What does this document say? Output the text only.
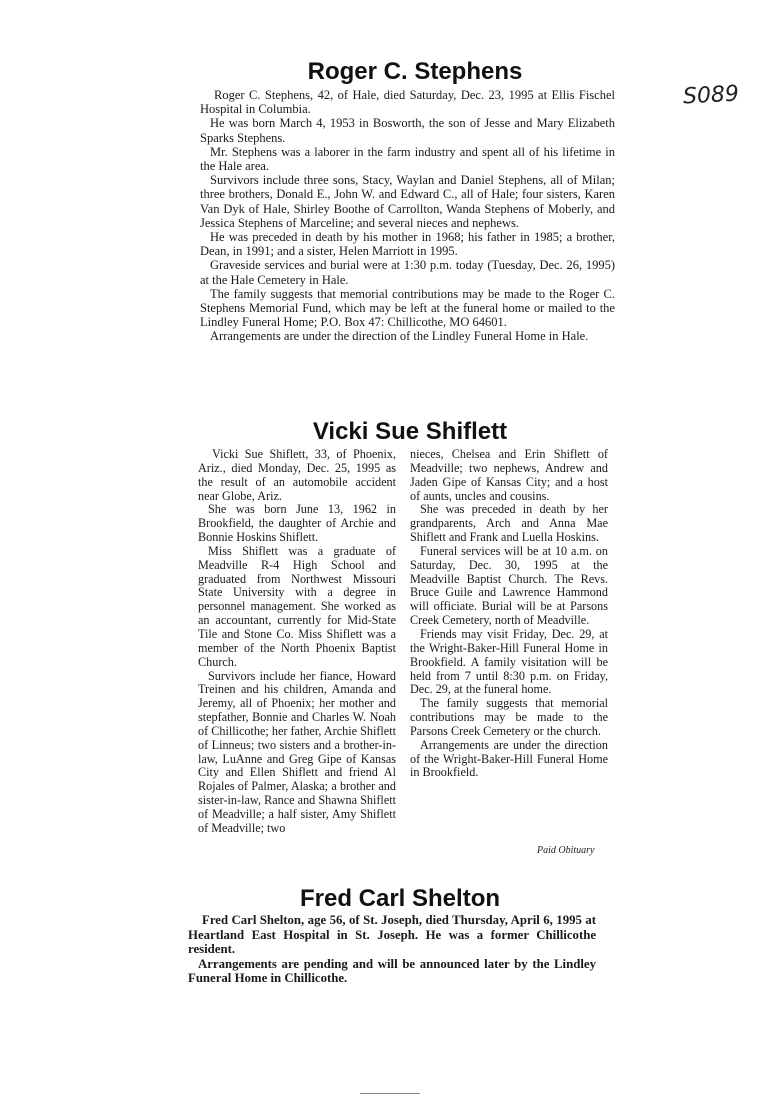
S089
Roger C. Stephens

Roger C. Stephens, 42, of Hale, died Saturday, Dec. 23, 1995 at Ellis Fischel Hospital in Columbia.

He was born March 4, 1953 in Bosworth, the son of Jesse and Mary Elizabeth Sparks Stephens.

Mr. Stephens was a laborer in the farm industry and spent all of his lifetime in the Hale area.

Survivors include three sons, Stacy, Waylan and Daniel Stephens, all of Milan; three brothers, Donald E., John W. and Edward C., all of Hale; four sisters, Karen Van Dyk of Hale, Shirley Boothe of Carrollton, Wanda Stephens of Moberly, and Jessica Stephens of Marceline; and several nieces and nephews.

He was preceded in death by his mother in 1968; his father in 1985; a brother, Dean, in 1991; and a sister, Helen Marriott in 1995.

Graveside services and burial were at 1:30 p.m. today (Tuesday, Dec. 26, 1995) at the Hale Cemetery in Hale.

The family suggests that memorial contributions may be made to the Roger C. Stephens Memorial Fund, which may be left at the funeral home or mailed to the Lindley Funeral Home; P.O. Box 47: Chillicothe, MO 64601.

Arrangements are under the direction of the Lindley Funeral Home in Hale.

Vicki Sue Shiflett

Vicki Sue Shiflett, 33, of Phoenix, Ariz., died Monday, Dec. 25, 1995 as the result of an automobile accident near Globe, Ariz.

She was born June 13, 1962 in Brookfield, the daughter of Archie and Bonnie Hoskins Shiflett.

Miss Shiflett was a graduate of Meadville R-4 High School and graduated from Northwest Missouri State University with a degree in personnel management. She worked as an accountant, currently for Mid-State Tile and Stone Co. Miss Shiflett was a member of the North Phoenix Baptist Church.

Survivors include her fiance, Howard Treinen and his children, Amanda and Jeremy, all of Phoenix; her mother and stepfather, Bonnie and Charles W. Noah of Chillicothe; her father, Archie Shiflett of Linneus; two sisters and a brother-in-law, LuAnne and Greg Gipe of Kansas City and Ellen Shiflett and friend Al Rojales of Palmer, Alaska; a brother and sister-in-law, Rance and Shawna Shiflett of Meadville; a half sister, Amy Shiflett of Meadville; two

nieces, Chelsea and Erin Shiflett of Meadville; two nephews, Andrew and Jaden Gipe of Kansas City; and a host of aunts, uncles and cousins.

She was preceded in death by her grandparents, Arch and Anna Mae Shiflett and Frank and Luella Hoskins.

Funeral services will be at 10 a.m. on Saturday, Dec. 30, 1995 at the Meadville Baptist Church. The Revs. Bruce Guile and Lawrence Hammond will officiate. Burial will be at Parsons Creek Cemetery, north of Meadville.

Friends may visit Friday, Dec. 29, at the Wright-Baker-Hill Funeral Home in Brookfield. A family visitation will be held from 7 until 8:30 p.m. on Friday, Dec. 29, at the funeral home.

The family suggests that memorial contributions may be made to the Parsons Creek Cemetery or the church.

Arrangements are under the direction of the Wright-Baker-Hill Funeral Home in Brookfield.

Paid Obituary
Fred Carl Shelton

Fred Carl Shelton, age 56, of St. Joseph, died Thursday, April 6, 1995 at Heartland East Hospital in St. Joseph. He was a former Chillicothe resident.

Arrangements are pending and will be announced later by the Lindley Funeral Home in Chillicothe.
